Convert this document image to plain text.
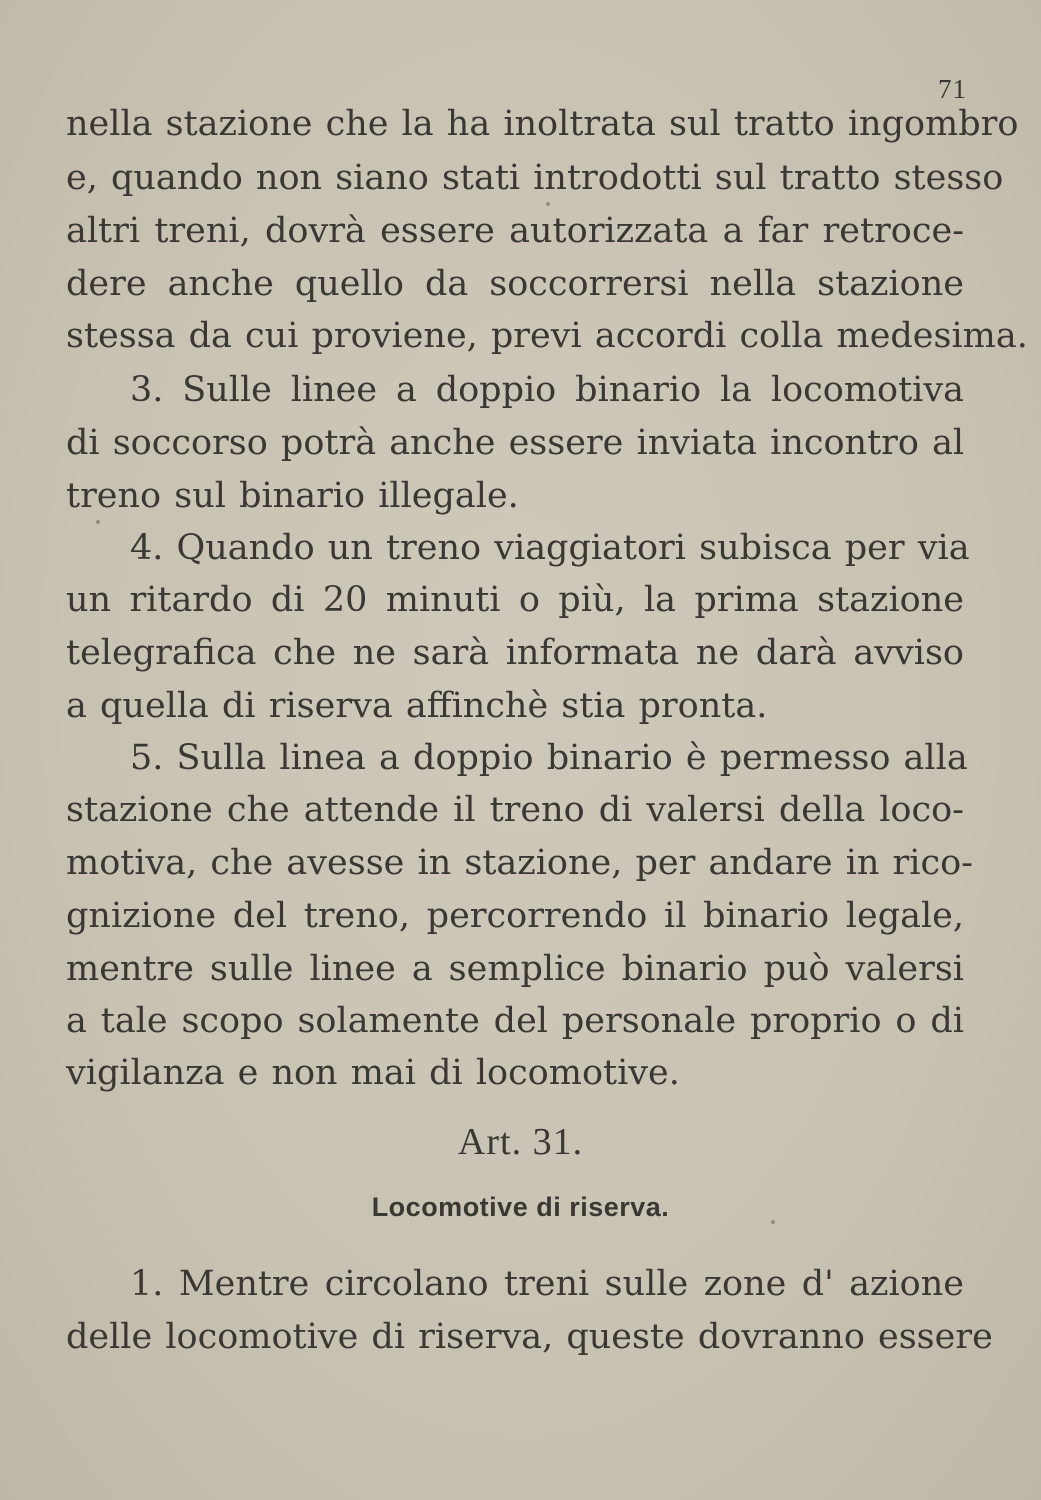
71
nella stazione che la ha inoltrata sul tratto ingombro
e, quando non siano stati introdotti sul tratto stesso
altri treni, dovrà essere autorizzata a far retroce-
dere anche quello da soccorrersi nella stazione
stessa da cui proviene, previ accordi colla medesima.
3. Sulle linee a doppio binario la locomotiva
di soccorso potrà anche essere inviata incontro al
treno sul binario illegale.
4. Quando un treno viaggiatori subisca per via
un ritardo di 20 minuti o più, la prima stazione
telegrafica che ne sarà informata ne darà avviso
a quella di riserva affinchè stia pronta.
5. Sulla linea a doppio binario è permesso alla
stazione che attende il treno di valersi della loco-
motiva, che avesse in stazione, per andare in rico-
gnizione del treno, percorrendo il binario legale,
mentre sulle linee a semplice binario può valersi
a tale scopo solamente del personale proprio o di
vigilanza e non mai di locomotive.
Art. 31.
Locomotive di riserva.
1. Mentre circolano treni sulle zone d' azione
delle locomotive di riserva, queste dovranno essere
